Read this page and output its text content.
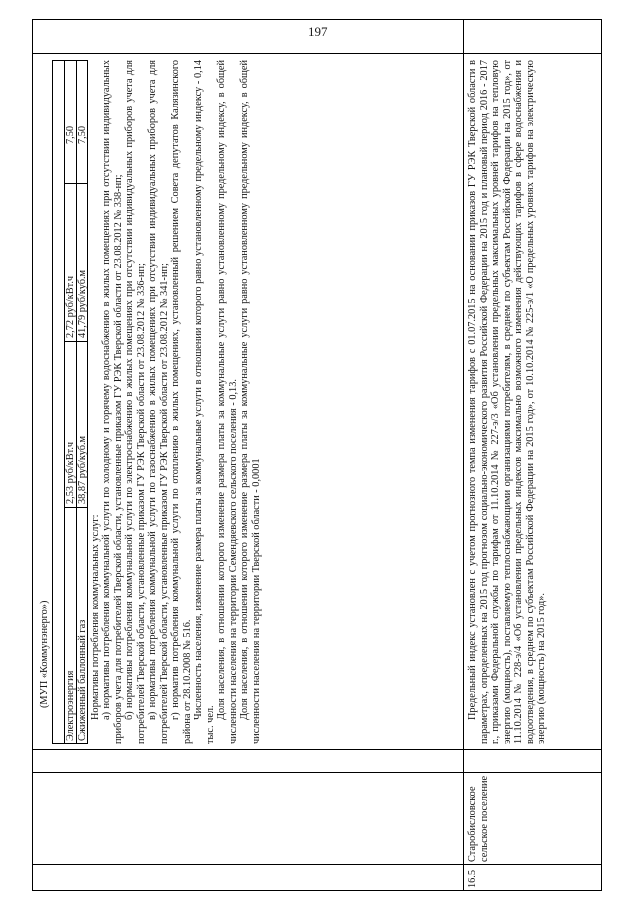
197
(МУП «Коммунэнерго») Электроэнергия
2,53 руб/кВт.ч
2,72 руб/кВт.ч
7,50
Сжиженный баллонный газ
38,87 руб/куб.м
41,79 руб/куб.м
7,50

Нормативы потребления коммунальных услуг: а) нормативы потребления коммунальной услуги по холодному и горячему водоснабжению в жилых помещениях при отсутствии индивидуальных приборов учета для потребителей Тверской области, установленные приказом ГУ РЭК Тверской области от 23.08.2012 № 338-нп; б) нормативы потребления коммунальной услуги по электроснабжению в жилых помещениях при отсутствии индивидуальных приборов учета для потребителей Тверской области, установленные приказом ГУ РЭК Тверской области от 23.08.2012 № 336-нп; в) нормативы потребления коммунальной услуги по газоснабжению в жилых помещениях при отсутствии индивидуальных приборов учета для потребителей Тверской области, установленные приказом ГУ РЭК Тверской области от 23.08.2012 № 341-нп; г) норматив потребления коммунальной услуги по отоплению в жилых помещениях, установленный решением Совета депутатов Калязинского района от 28.10.2008 № 516. Численность населения, изменение размера платы за коммунальные услуги в отношении которого равно установленному предельному индексу - 0,14 тыс. чел.

Доля населения, в отношении которого изменение размера платы за коммунальные услуги равно установленному предельному индексу, в общей численности населения на территории Семендяевского сельского поселения - 0,13. Доля населения, в отношении которого изменение размера платы за коммунальные услуги равно установленному предельному индексу, в общей численности населения на территории Тверской области - 0,0001

16.5
Старобисловское сельское поселение

Предельный индекс установлен с учетом прогнозного темпа изменения тарифов с 01.07.2015 на основании приказов ГУ РЭК Тверской области в параметрах, определенных на 2015 год прогнозом социально-экономического развития Российской Федерации на 2015 год и плановый период 2016 - 2017 г., приказами Федеральной службы по тарифам от 11.10.2014 № 227-э/3 «Об установлении предельных максимальных уровней тарифов на тепловую энергию (мощность), поставляемую теплоснабжающими организациями потребителям, в среднем по субъектам Российской Федерации на 2015 год», от 11.10.2014 № 228-э/4 «Об установлении предельных индексов максимально возможного изменения действующих тарифов в сфере водоснабжения и водоотведения, в среднем по субъектам Российской Федерации на 2015 год», от 10.10.2014 № 225-э/1 «О предельных уровнях тарифов на электрическую энергию (мощность) на 2015 год».
